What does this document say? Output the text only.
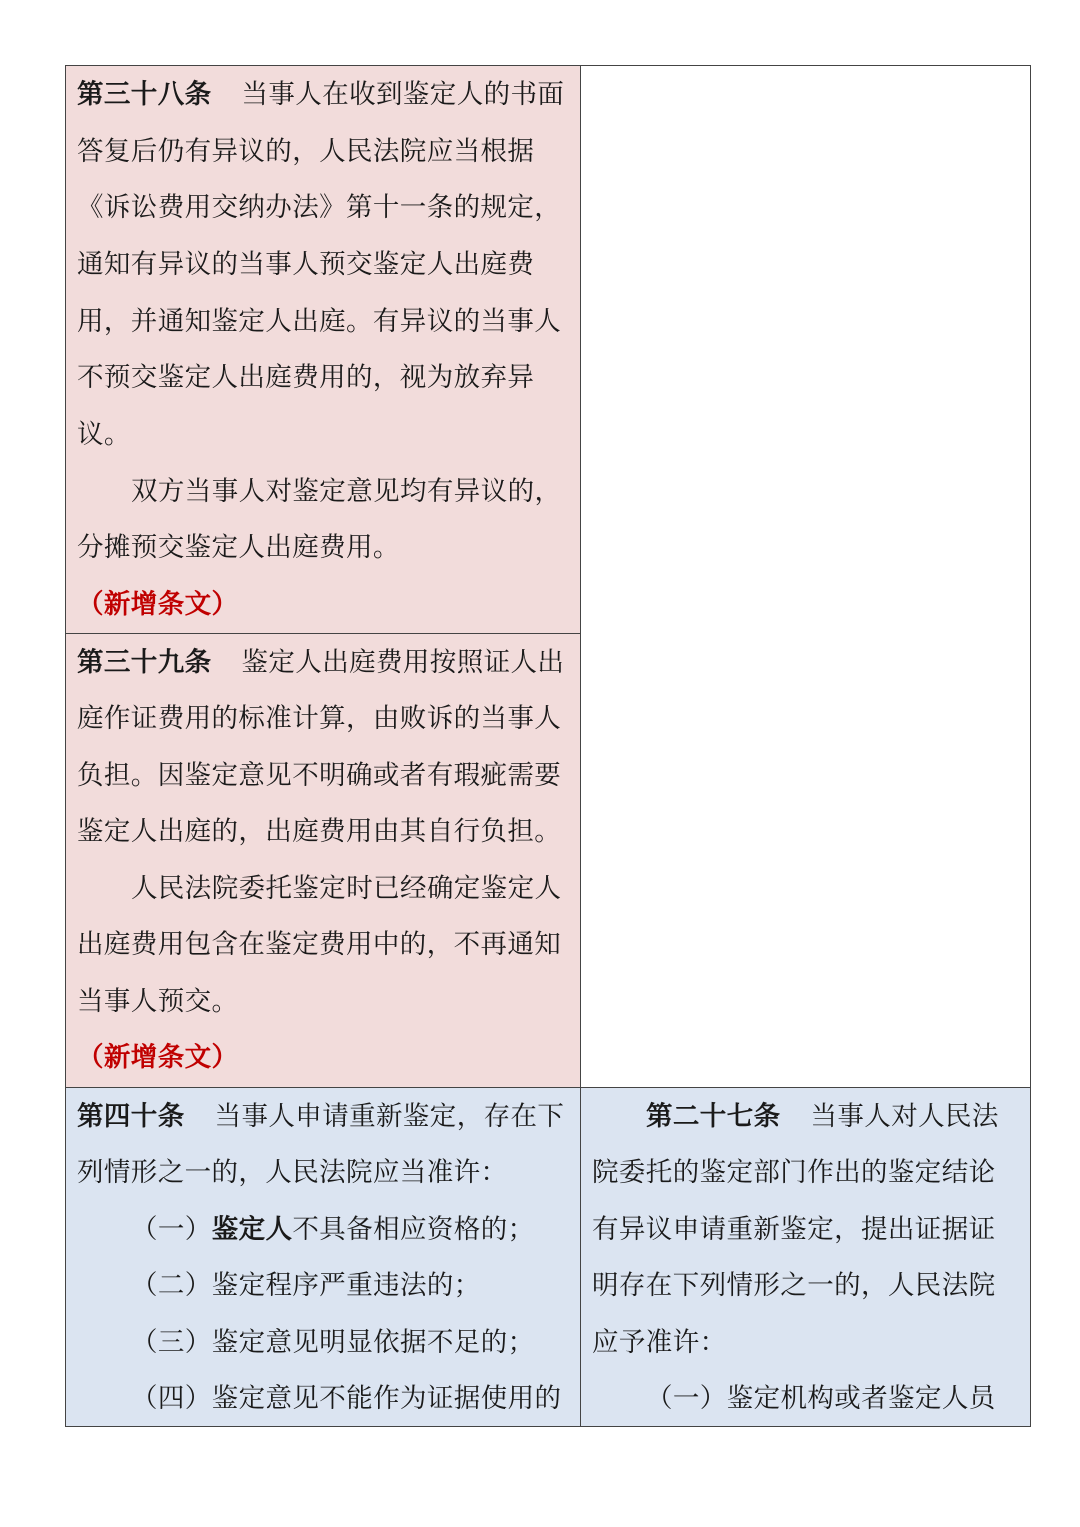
第三十八条 当事人在收到鉴定人的书面
答复后仍有异议的，人民法院应当根据
《诉讼费用交纳办法》第十一条的规定，
通知有异议的当事人预交鉴定人出庭费
用，并通知鉴定人出庭。有异议的当事人
不预交鉴定人出庭费用的，视为放弃异
议。
双方当事人对鉴定意见均有异议的，
分摊预交鉴定人出庭费用。
（新增条文）
第三十九条 鉴定人出庭费用按照证人出
庭作证费用的标准计算，由败诉的当事人
负担。因鉴定意见不明确或者有瑕疵需要
鉴定人出庭的，出庭费用由其自行负担。
人民法院委托鉴定时已经确定鉴定人
出庭费用包含在鉴定费用中的，不再通知
当事人预交。
（新增条文）
第四十条 当事人申请重新鉴定，存在下
列情形之一的，人民法院应当准许：
（一）鉴定人不具备相应资格的；
（二）鉴定程序严重违法的；
（三）鉴定意见明显依据不足的；
（四）鉴定意见不能作为证据使用的
第二十七条 当事人对人民法
院委托的鉴定部门作出的鉴定结论
有异议申请重新鉴定，提出证据证
明存在下列情形之一的，人民法院
应予准许：
（一）鉴定机构或者鉴定人员
